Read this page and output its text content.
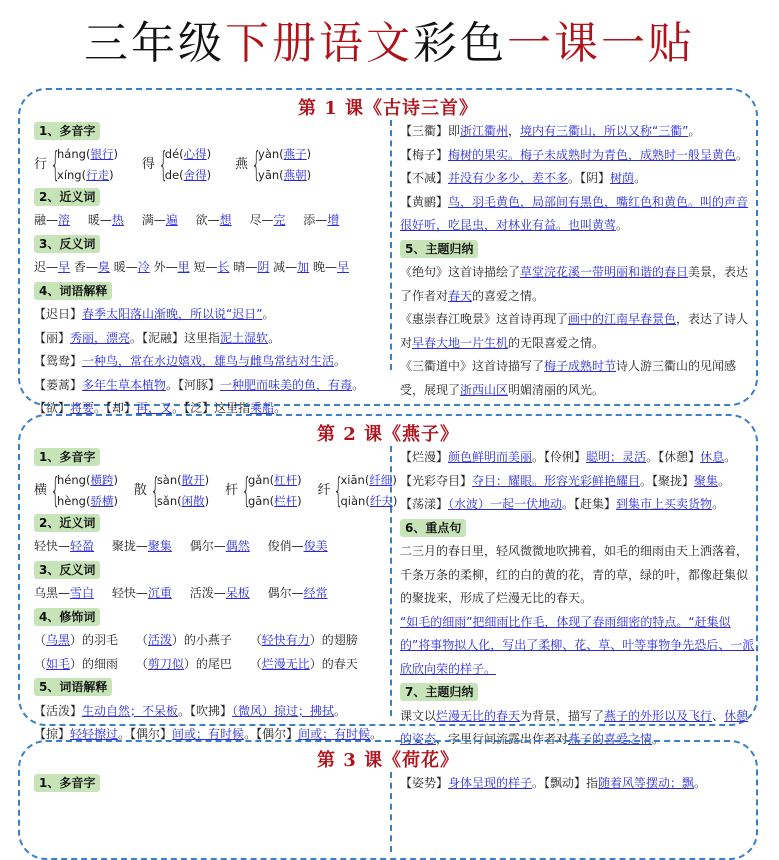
三年级下册语文彩色一课一贴
第 1 课《古诗三首》
1、多音字
行 {
háng(银行)
xíng(行走)

得 {
dé(心得)
de(舍得)

燕 {
yàn(燕子)
yān(燕朝)
2、近义词
融—溶 暖—热 满—遍 欲—想 尽—完 添—增
3、反义词
迟—早 香—臭 暖—冷 外—里 短—长 晴—阴 减—加 晚—早
4、词语解释
【迟日】春季太阳落山渐晚，所以说“迟日”。
【丽】秀丽，漂亮。【泥融】这里指泥土湿软。
【鸳鸯】一种鸟，常在水边嬉戏，雄鸟与雌鸟常结对生活。
【蒌蒿】多年生草本植物。【河豚】一种肥而味美的鱼，有毒。
【欲】将要。【却】再，又。【泛】这里指乘船。
【三衢】即浙江衢州，境内有三衢山，所以又称“三衢”。
【梅子】梅树的果实。梅子未成熟时为青色，成熟时一般呈黄色。
【不减】并没有少多少，差不多。【阴】树荫。
【黄鹂】鸟，羽毛黄色，局部间有黑色，嘴红色和黄色。叫的声音很好听，吃昆虫，对林业有益。也叫黄莺。
5、主题归纳
《绝句》这首诗描绘了草堂浣花溪一带明丽和谐的春日美景，表达了作者对春天的喜爱之情。
《惠崇春江晚景》这首诗再现了画中的江南早春景色，表达了诗人对早春大地一片生机的无限喜爱之情。
《三衢道中》这首诗描写了梅子成熟时节诗人游三衢山的见闻感受，展现了浙西山区明媚清丽的风光。
第 2 课《燕子》
1、多音字
横 {
héng(横跨)
hèng(骄横)

散 {
sàn(散开)
sǎn(闲散)

杆 {
gǎn(杠杆)
gān(栏杆)

纤 {
xiān(纤细)
qiàn(纤夫)
2、近义词
轻快—轻盈 聚拢—聚集 偶尔—偶然 俊俏—俊美
3、反义词
乌黑—雪白 轻快—沉重 活泼—呆板 偶尔—经常
4、修饰词
（乌黑）的羽毛 （活泼）的小燕子 （轻快有力）的翅膀
（如毛）的细雨 （剪刀似）的尾巴 （烂漫无比）的春天
5、词语解释
【活泼】生动自然；不呆板。【吹拂】（微风）掠过；拂拭。
【掠】轻轻擦过。【偶尔】间或；有时候。【偶尔】间或；有时候。
【烂漫】颜色鲜明而美丽。【伶俐】聪明；灵活。【休憩】休息。
【光彩夺目】夺目：耀眼。形容光彩鲜艳耀目。【聚拢】聚集。
【荡漾】（水波）一起一伏地动。【赶集】到集市上买卖货物。
6、重点句
二三月的春日里，轻风微微地吹拂着，如毛的细雨由天上洒落着，千条万条的柔柳，红的白的黄的花，青的草，绿的叶，都像赶集似的聚拢来，形成了烂漫无比的春天。
“如毛的细雨”把细雨比作毛，体现了春雨细密的特点。“赶集似的”将事物拟人化，写出了柔柳、花、草、叶等事物争先恐后、一派欣欣向荣的样子。
7、主题归纳
课文以烂漫无比的春天为背景，描写了燕子的外形以及飞行、休憩的姿态，字里行间流露出作者对燕子的喜爱之情。
第 3 课《荷花》
1、多音字	【姿势】身体呈现的样子。【飘动】指随着风等摆动；飘。
